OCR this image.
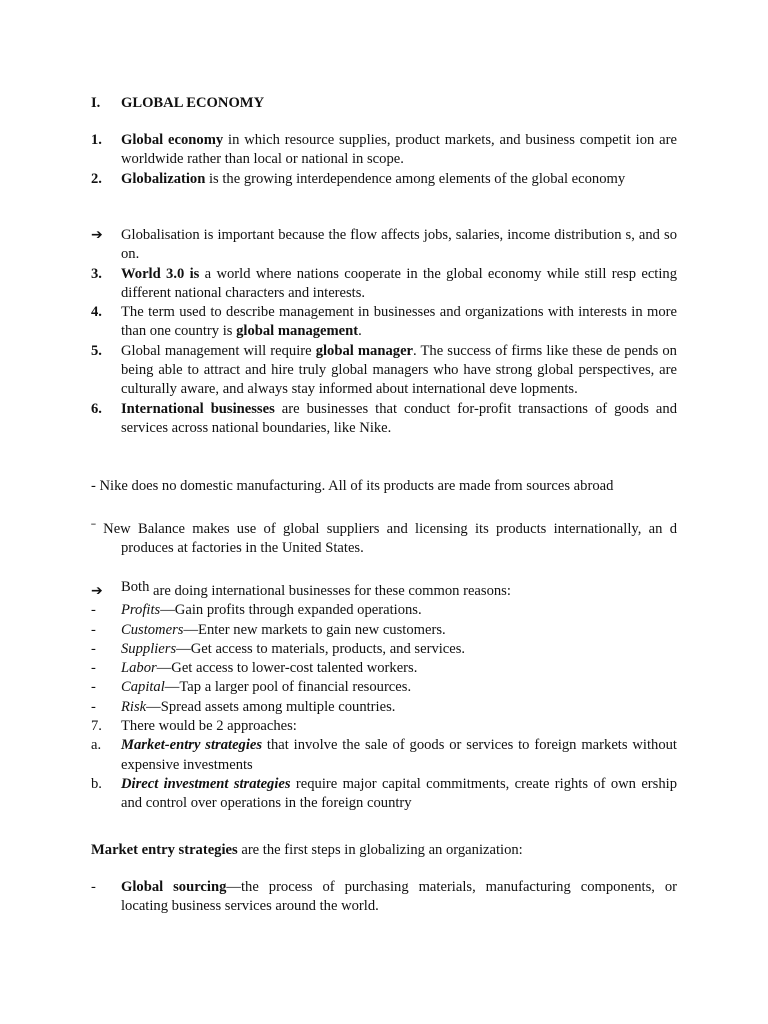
I. GLOBAL ECONOMY
1. Global economy in which resource supplies, product markets, and business competit ion are worldwide rather than local or national in scope.
2. Globalization is the growing interdependence among elements of the global economy
➔ Globalisation is important because the flow affects jobs, salaries, income distribution s, and so on.
3. World 3.0 is a world where nations cooperate in the global economy while still resp ecting different national characters and interests.
4. The term used to describe management in businesses and organizations with interests in more than one country is global management.
5. Global management will require global manager. The success of firms like these de pends on being able to attract and hire truly global managers who have strong global perspectives, are culturally aware, and always stay informed about international deve lopments.
6. International businesses are businesses that conduct for-profit transactions of goods and services across national boundaries, like Nike.
- Nike does no domestic manufacturing. All of its products are made from sources abroad
ˉ New Balance makes use of global suppliers and licensing its products internationally, an d produces at factories in the United States.
➔ Both are doing international businesses for these common reasons:
- Profits—Gain profits through expanded operations.
- Customers—Enter new markets to gain new customers.
- Suppliers—Get access to materials, products, and services.
- Labor—Get access to lower-cost talented workers.
- Capital—Tap a larger pool of financial resources.
- Risk—Spread assets among multiple countries.
7. There would be 2 approaches:
a. Market-entry strategies that involve the sale of goods or services to foreign markets without expensive investments
b. Direct investment strategies require major capital commitments, create rights of own ership and control over operations in the foreign country
Market entry strategies are the first steps in globalizing an organization:
- Global sourcing—the process of purchasing materials, manufacturing components, or locating business services around the world.
